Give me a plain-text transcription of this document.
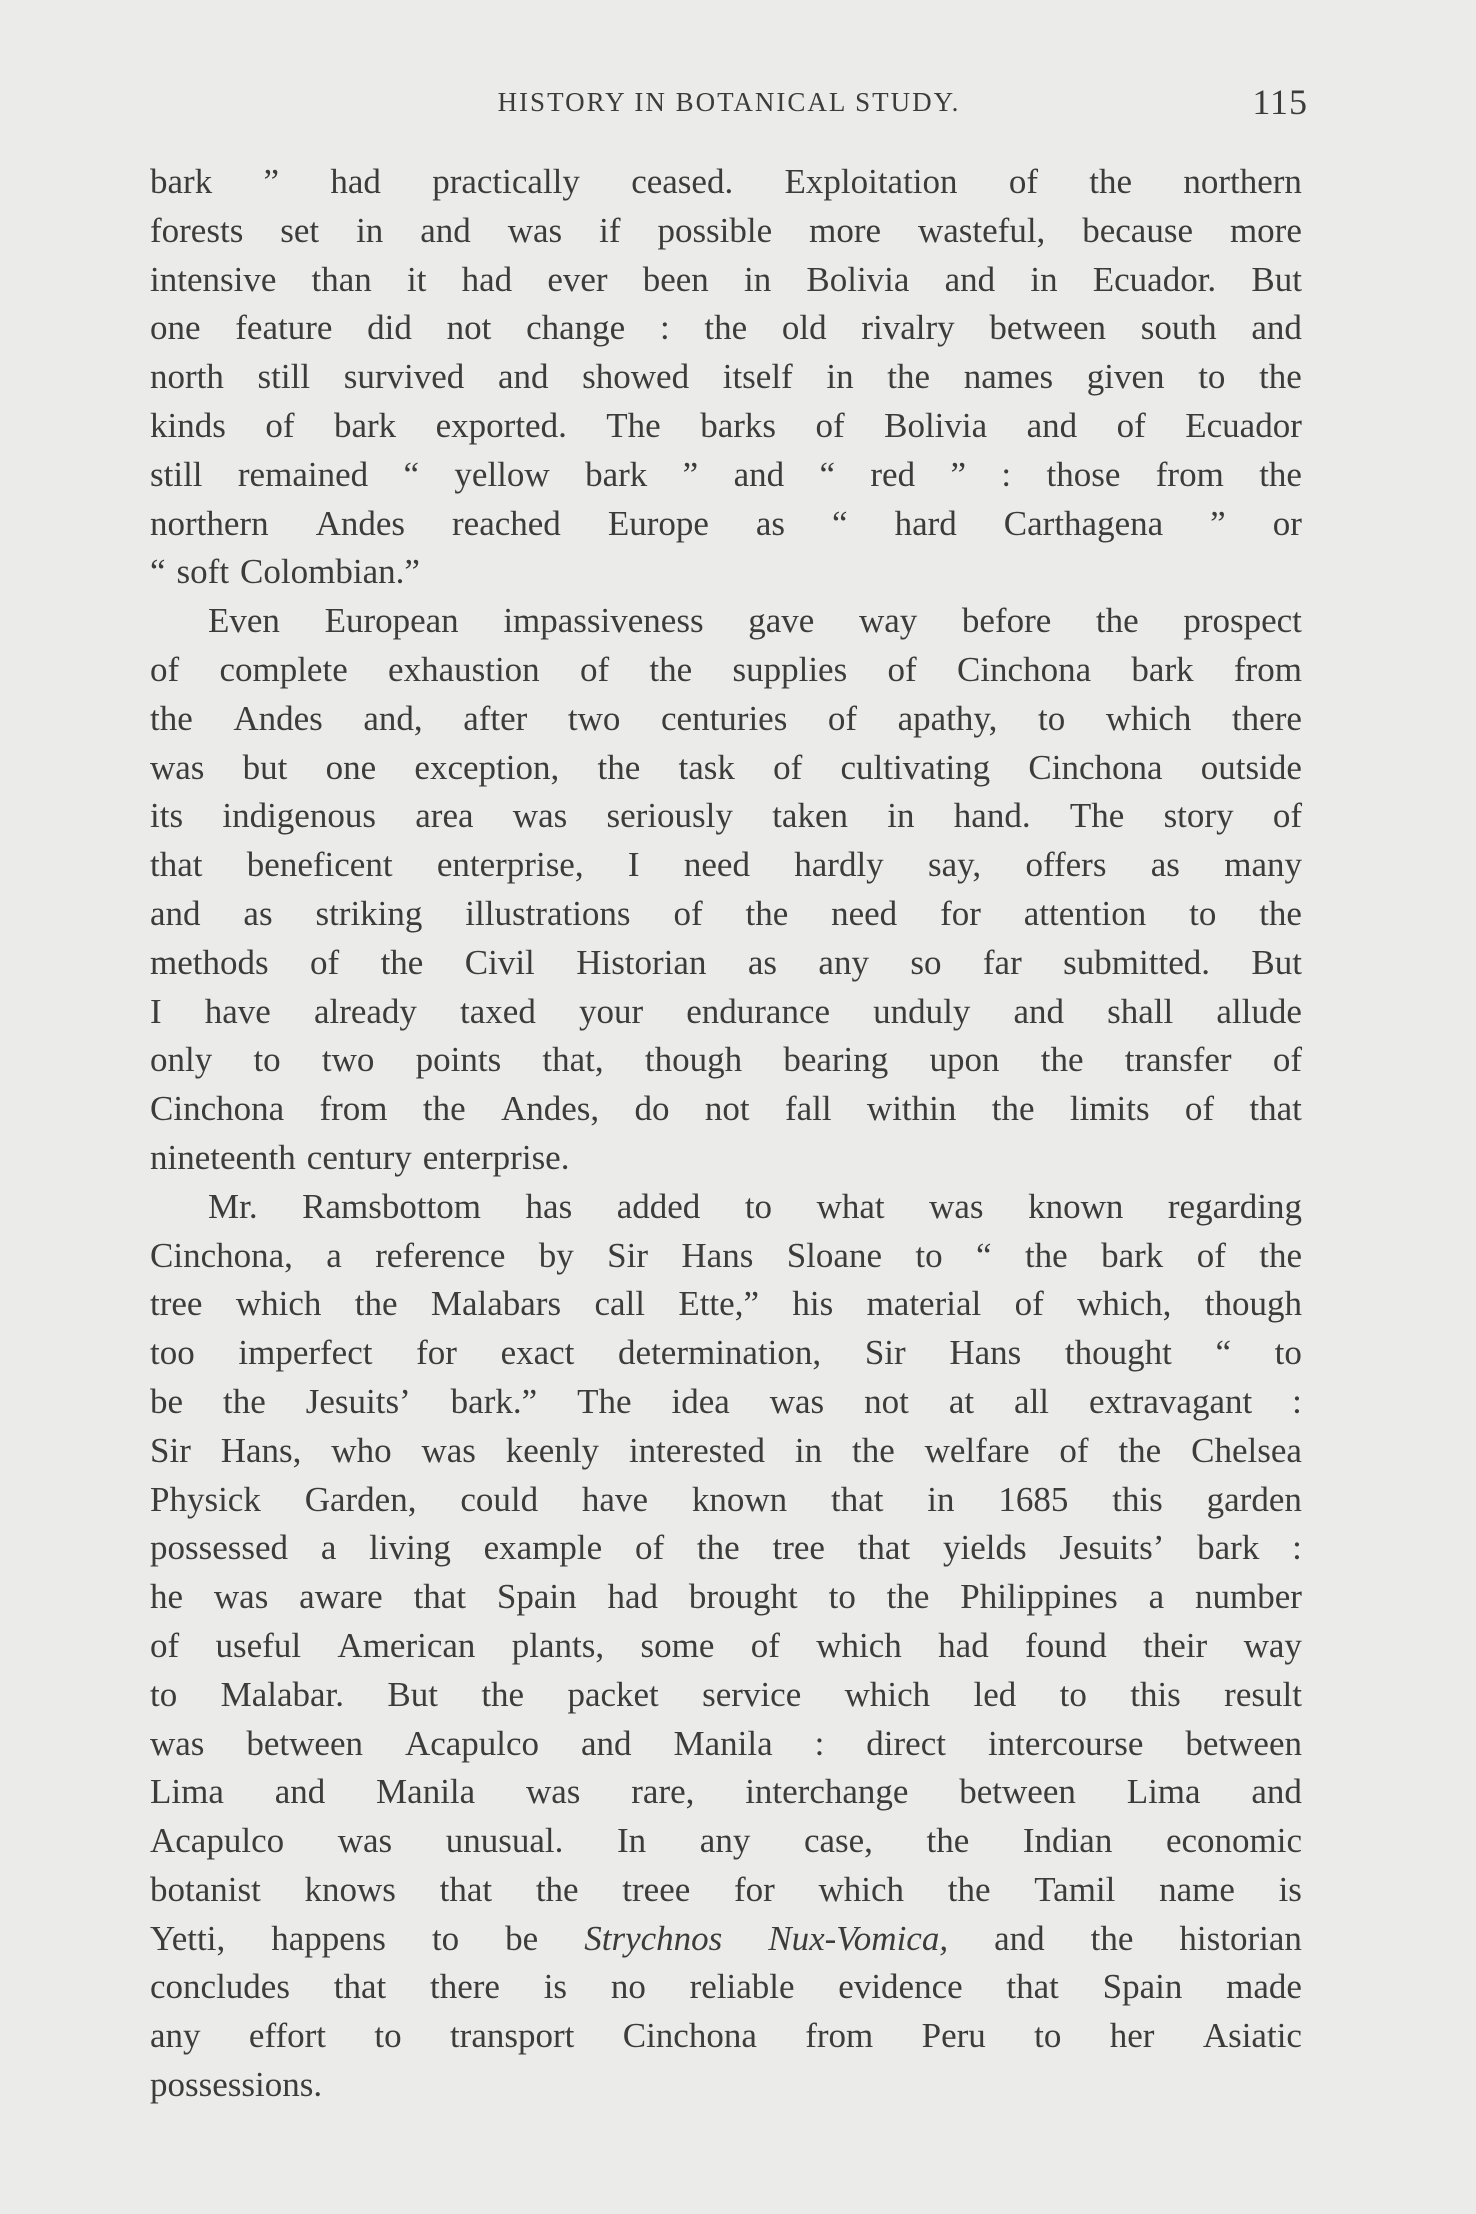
HISTORY IN BOTANICAL STUDY.	115
bark ” had practically ceased. Exploitation of the northern
forests set in and was if possible more wasteful, because more
intensive than it had ever been in Bolivia and in Ecuador. But
one feature did not change : the old rivalry between south and
north still survived and showed itself in the names given to the
kinds of bark exported. The barks of Bolivia and of Ecuador
still remained “ yellow bark ” and “ red ” : those from the
northern Andes reached Europe as “ hard Carthagena ” or
“ soft Colombian.”
Even European impassiveness gave way before the prospect
of complete exhaustion of the supplies of Cinchona bark from
the Andes and, after two centuries of apathy, to which there
was but one exception, the task of cultivating Cinchona outside
its indigenous area was seriously taken in hand. The story of
that beneficent enterprise, I need hardly say, offers as many
and as striking illustrations of the need for attention to the
methods of the Civil Historian as any so far submitted. But
I have already taxed your endurance unduly and shall allude
only to two points that, though bearing upon the transfer of
Cinchona from the Andes, do not fall within the limits of that
nineteenth century enterprise.
Mr. Ramsbottom has added to what was known regarding
Cinchona, a reference by Sir Hans Sloane to “ the bark of the
tree which the Malabars call Ette,” his material of which, though
too imperfect for exact determination, Sir Hans thought “ to
be the Jesuits’ bark.” The idea was not at all extravagant :
Sir Hans, who was keenly interested in the welfare of the Chelsea
Physick Garden, could have known that in 1685 this garden
possessed a living example of the tree that yields Jesuits’ bark :
he was aware that Spain had brought to the Philippines a number
of useful American plants, some of which had found their way
to Malabar. But the packet service which led to this result
was between Acapulco and Manila : direct intercourse between
Lima and Manila was rare, interchange between Lima and
Acapulco was unusual. In any case, the Indian economic
botanist knows that the treee for which the Tamil name is
Yetti, happens to be Strychnos Nux-Vomica, and the historian
concludes that there is no reliable evidence that Spain made
any effort to transport Cinchona from Peru to her Asiatic
possessions.
